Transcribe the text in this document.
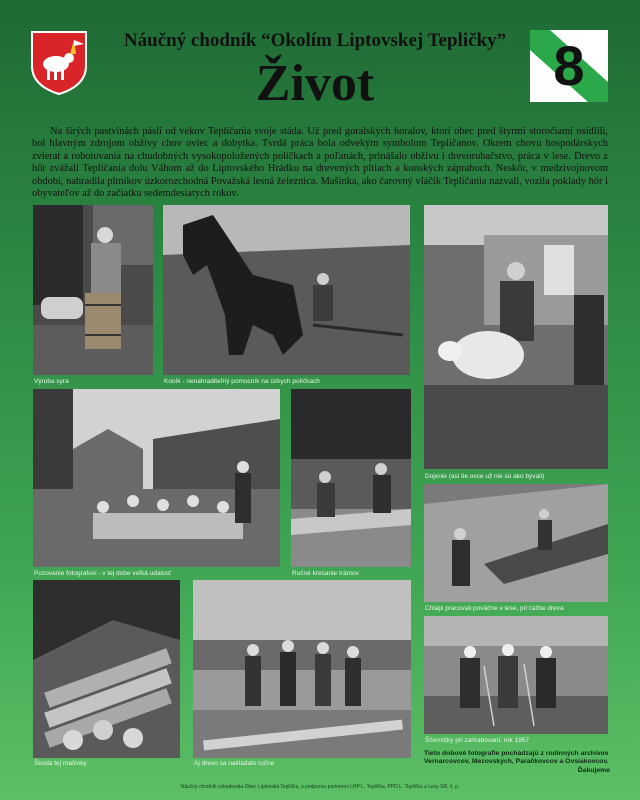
Náučný chodník “Okolím Liptovskej Tepličky”
Život	8
Na širých pastvinách pásli od vekov Tepličania svoje stáda. Už pred goralských horalov, ktorí obec pred štyrmi storočiami osídlili, bol hlavným zdrojom obživy chov oviec a dobytka. Tvrdá práca bola odvekým symbolom Tepličanov. Okrem chovu hospodárskych zvierat a robotovania na chudobných vysokopoložených políčkach a poľanách, prinášalo obživu i drevorubačstvo, práca v lese. Drevo z hôr zvážali Tepličania dolu Váhom až do Liptovského Hrádku na drevených pltiach a konských záprahoch. Neskôr, v medzivojnovom období, nahradila pltníkov úzkorozchodná Považská lesná železnica. Mašinka, ako čarovný vláčik Tepličania nazvali, vozila poklady hôr i obyvateľov až do začiatku sedemdesiatych rokov.
Výroba syra	Koník - nenahraditeľný pomocník na úzkych políčkach
Dojenie (asi tie ovce už nie sú ako bývali)
Pozovanie fotografovi - v tej dobe veľká udalosť	Ručné kresanie trámov
Chlapi pracovali poväčne v lese, pri ťažbe dreva
Škoda tej mašinky	Aj drevo sa nakladalo ručne
Ščerníčky pri zahrabovaní, rok 1957
Tieto dobové fotografie pochádzajú z rodinných archívov
Vernarcovcov, Mezovských, Paračkovcov a Ovsiakovcov.
Ďakujeme
Náučný chodník vybudovala Obec Liptovská Teplička, s podporou partnerov LHP L. Teplička, PPD L. Teplička a Lesy SR, š. p.
